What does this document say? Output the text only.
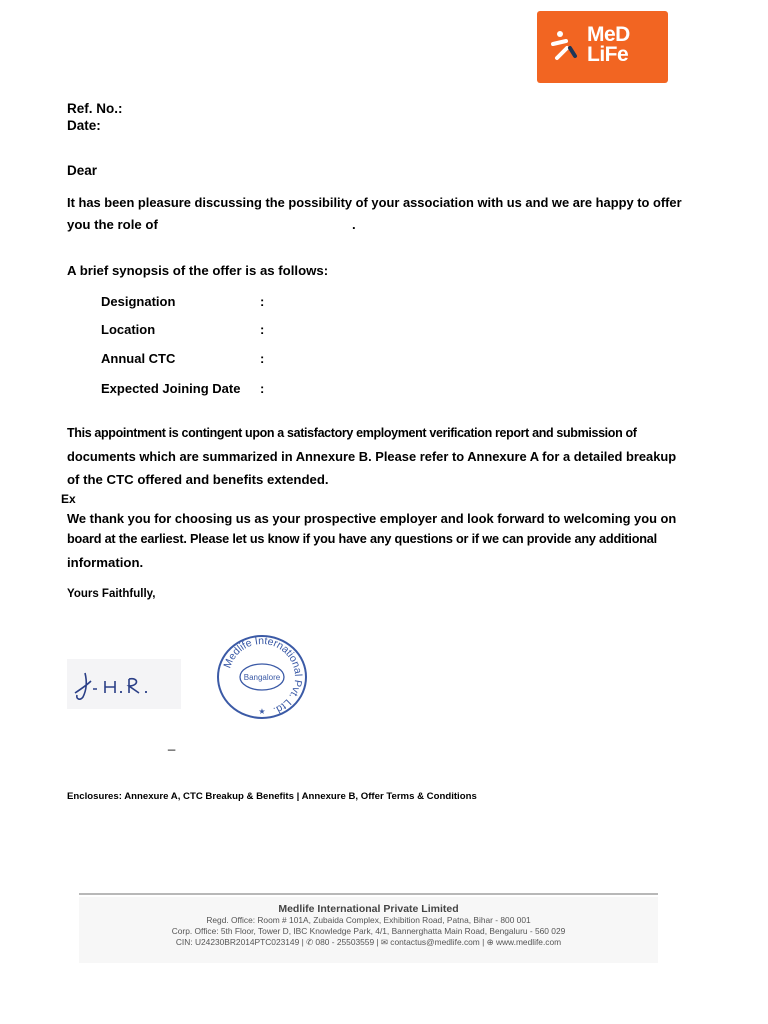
MeD
LiFe
Ref. No.:
Date:
Dear
It has been pleasure discussing the possibility of your association with us and we are happy to offer
you the role of	.
A brief synopsis of the offer is as follows:
Designation	:
Location	:
Annual CTC	:
Expected Joining Date :
This appointment is contingent upon a satisfactory employment verification report and submission of
documents which are summarized in Annexure B. Please refer to Annexure A for a detailed breakup
of the CTC offered and benefits extended.
Ex
We thank you for choosing us as your prospective employer and look forward to welcoming you on
board at the earliest. Please let us know if you have any questions or if we can provide any additional
information.
Yours Faithfully,
Medlife International Pvt. Ltd.
Bangalore
★
_
Enclosures: Annexure A, CTC Breakup & Benefits | Annexure B, Offer Terms & Conditions
Medlife International Private Limited
Regd. Office: Room # 101A, Zubaida Complex, Exhibition Road, Patna, Bihar - 800 001
Corp. Office: 5th Floor, Tower D, IBC Knowledge Park, 4/1, Bannerghatta Main Road, Bengaluru - 560 029
CIN: U24230BR2014PTC023149 | ✆ 080 - 25503559 | ✉ contactus@medlife.com | ⊕ www.medlife.com
